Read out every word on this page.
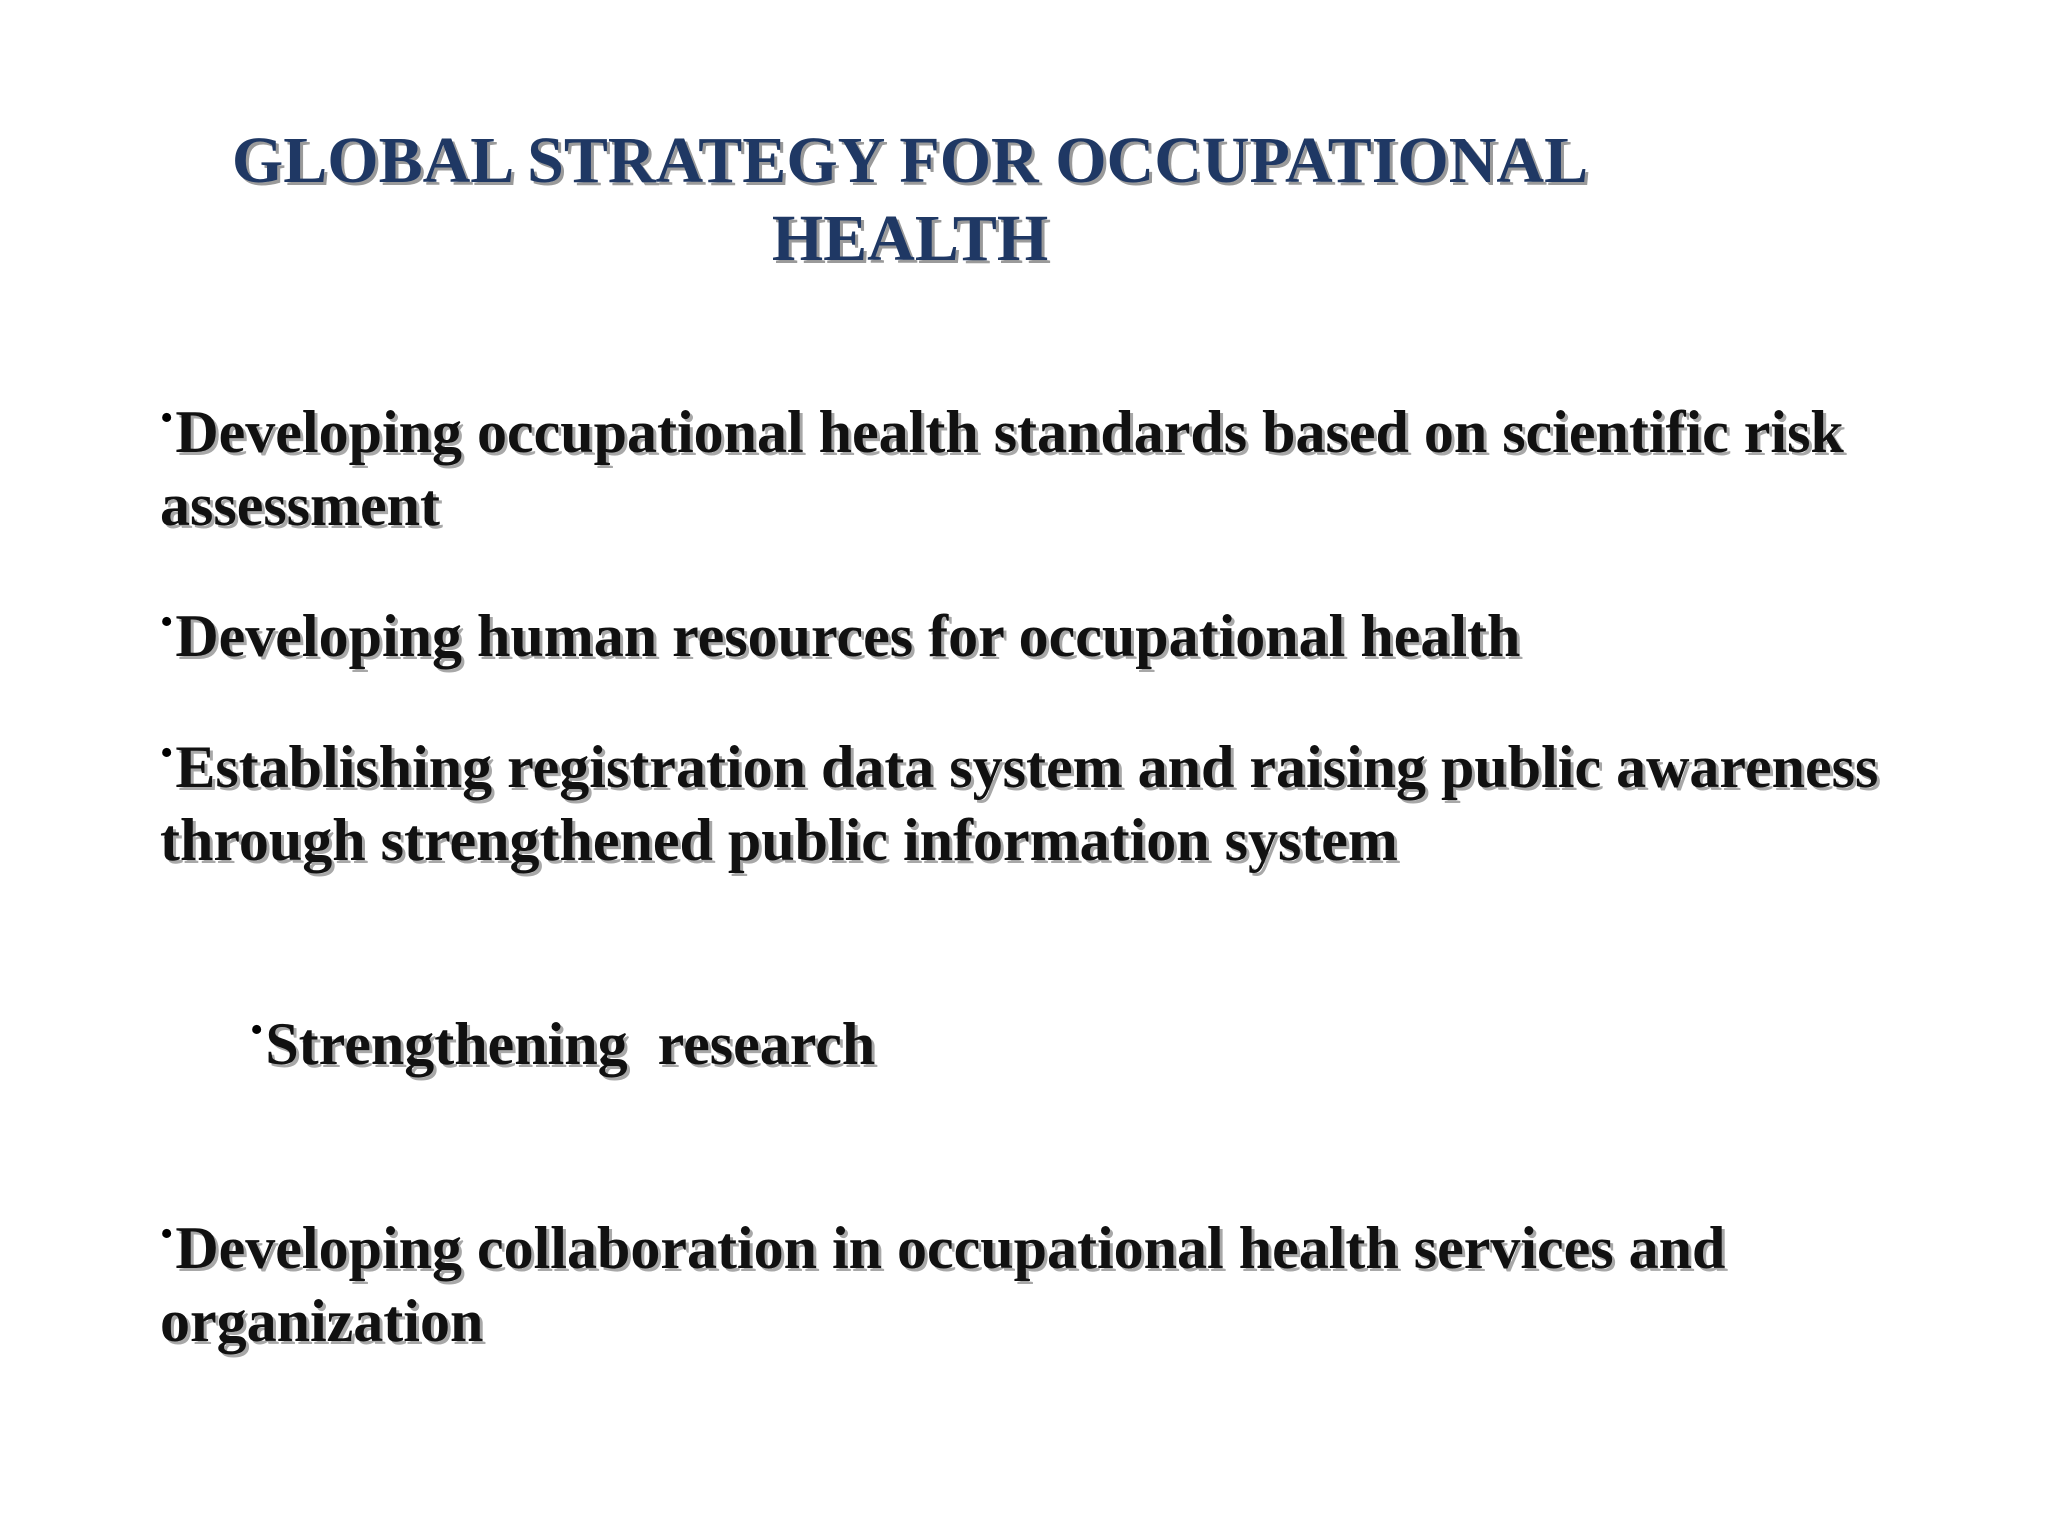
GLOBAL STRATEGY FOR OCCUPATIONAL
HEALTH
•Developing occupational health standards based on scientific risk assessment
•Developing human resources for occupational health
•Establishing registration data system and raising public awareness through strengthened public information system

•Strengthening  research

•Developing collaboration in occupational health services and organization
